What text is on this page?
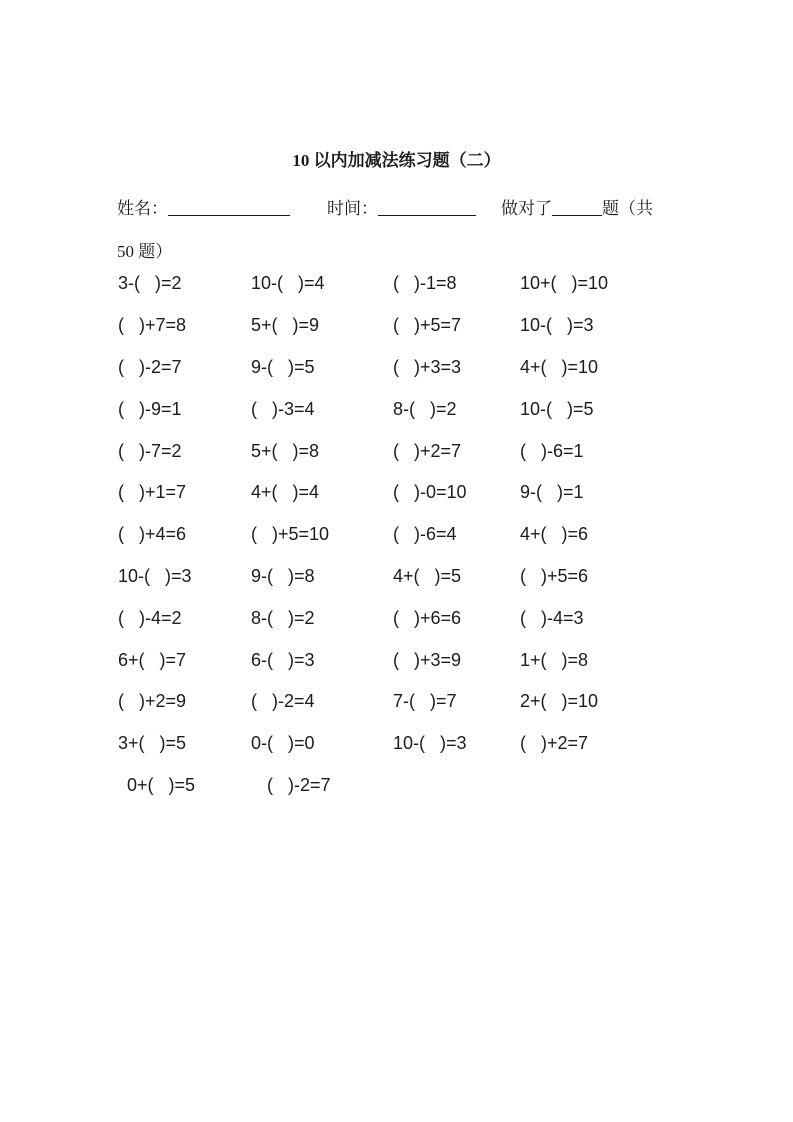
10 以内加减法练习题（二）
姓名：	时间：	做对了	题（共
50 题）
3-(   )=2	10-(   )=4	(   )-1=8	10+(   )=10
(   )+7=8	5+(   )=9	(   )+5=7	10-(   )=3
(   )-2=7	9-(   )=5	(   )+3=3	4+(   )=10
(   )-9=1	(   )-3=4	8-(   )=2	10-(   )=5
(   )-7=2	5+(   )=8	(   )+2=7	(   )-6=1
(   )+1=7	4+(   )=4	(   )-0=10	9-(   )=1
(   )+4=6	(   )+5=10	(   )-6=4	4+(   )=6
10-(   )=3	9-(   )=8	4+(   )=5	(   )+5=6
(   )-4=2	8-(   )=2	(   )+6=6	(   )-4=3
6+(   )=7	6-(   )=3	(   )+3=9	1+(   )=8
(   )+2=9	(   )-2=4	7-(   )=7	2+(   )=10
3+(   )=5	0-(   )=0	10-(   )=3	(   )+2=7
0+(   )=5	(   )-2=7
